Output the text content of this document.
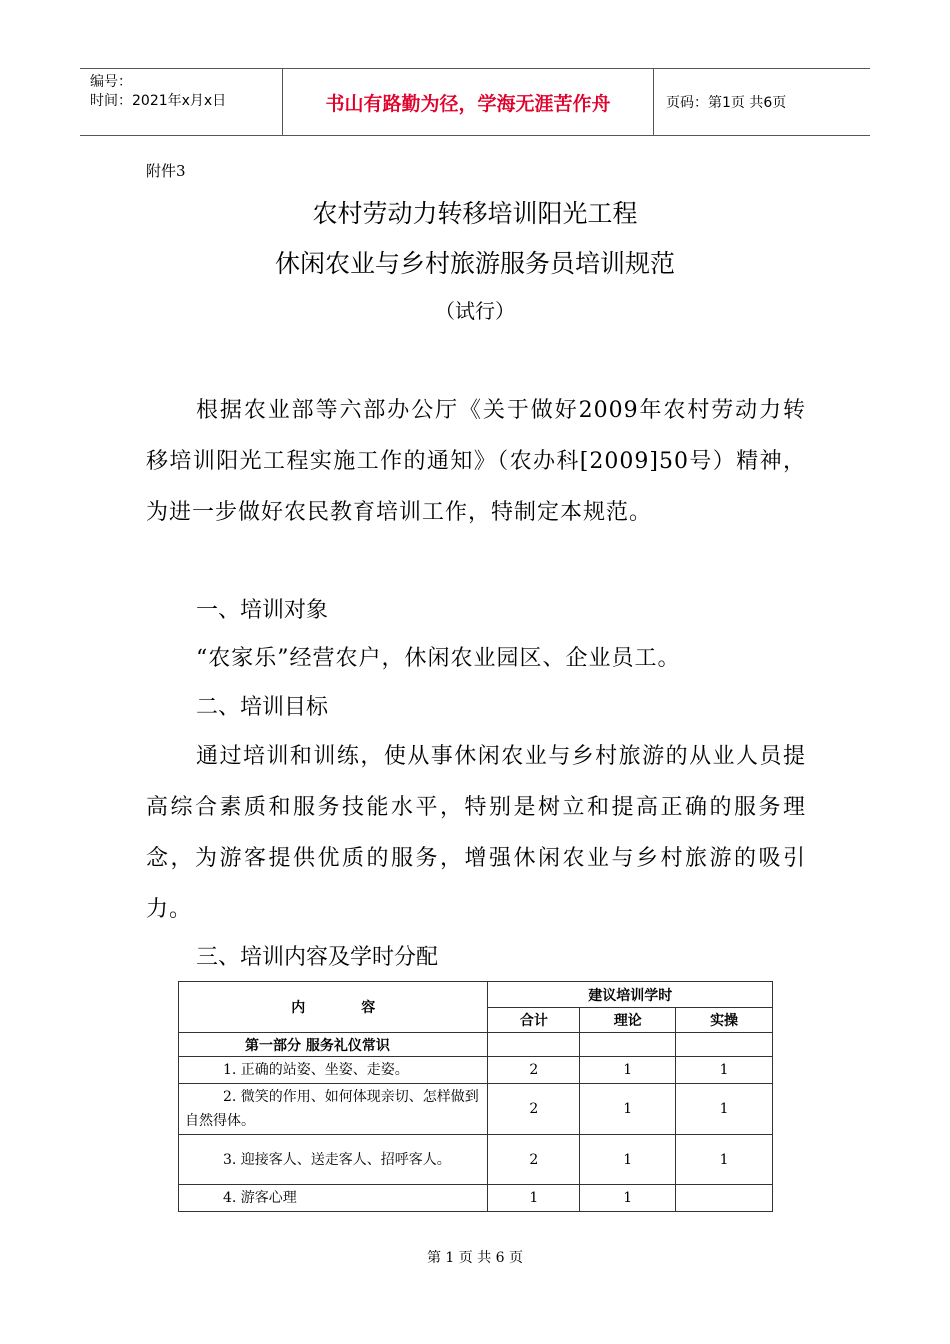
编号：
时间：2021年x月x日	书山有路勤为径，学海无涯苦作舟	页码：第1页 共6页
附件3
农村劳动力转移培训阳光工程
休闲农业与乡村旅游服务员培训规范
（试行）
根据农业部等六部办公厅《关于做好2009年农村劳动力转移培训阳光工程实施工作的通知》（农办科[2009]50号）精神，为进一步做好农民教育培训工作，特制定本规范。
一、培训对象
“农家乐”经营农户，休闲农业园区、企业员工。
二、培训目标
通过培训和训练，使从事休闲农业与乡村旅游的从业人员提高综合素质和服务技能水平，特别是树立和提高正确的服务理念，为游客提供优质的服务，增强休闲农业与乡村旅游的吸引力。
三、培训内容及学时分配
内　　　　容	建议培训学时		
	合计	理论	实操
第一部分 服务礼仪常识			
1. 正确的站姿、坐姿、走姿。	2	1	1
2. 微笑的作用、如何体现亲切、怎样做到自然得体。	2	1	1
3. 迎接客人、送走客人、招呼客人。	2	1	1
4. 游客心理	1	1	
第 1 页 共 6 页
